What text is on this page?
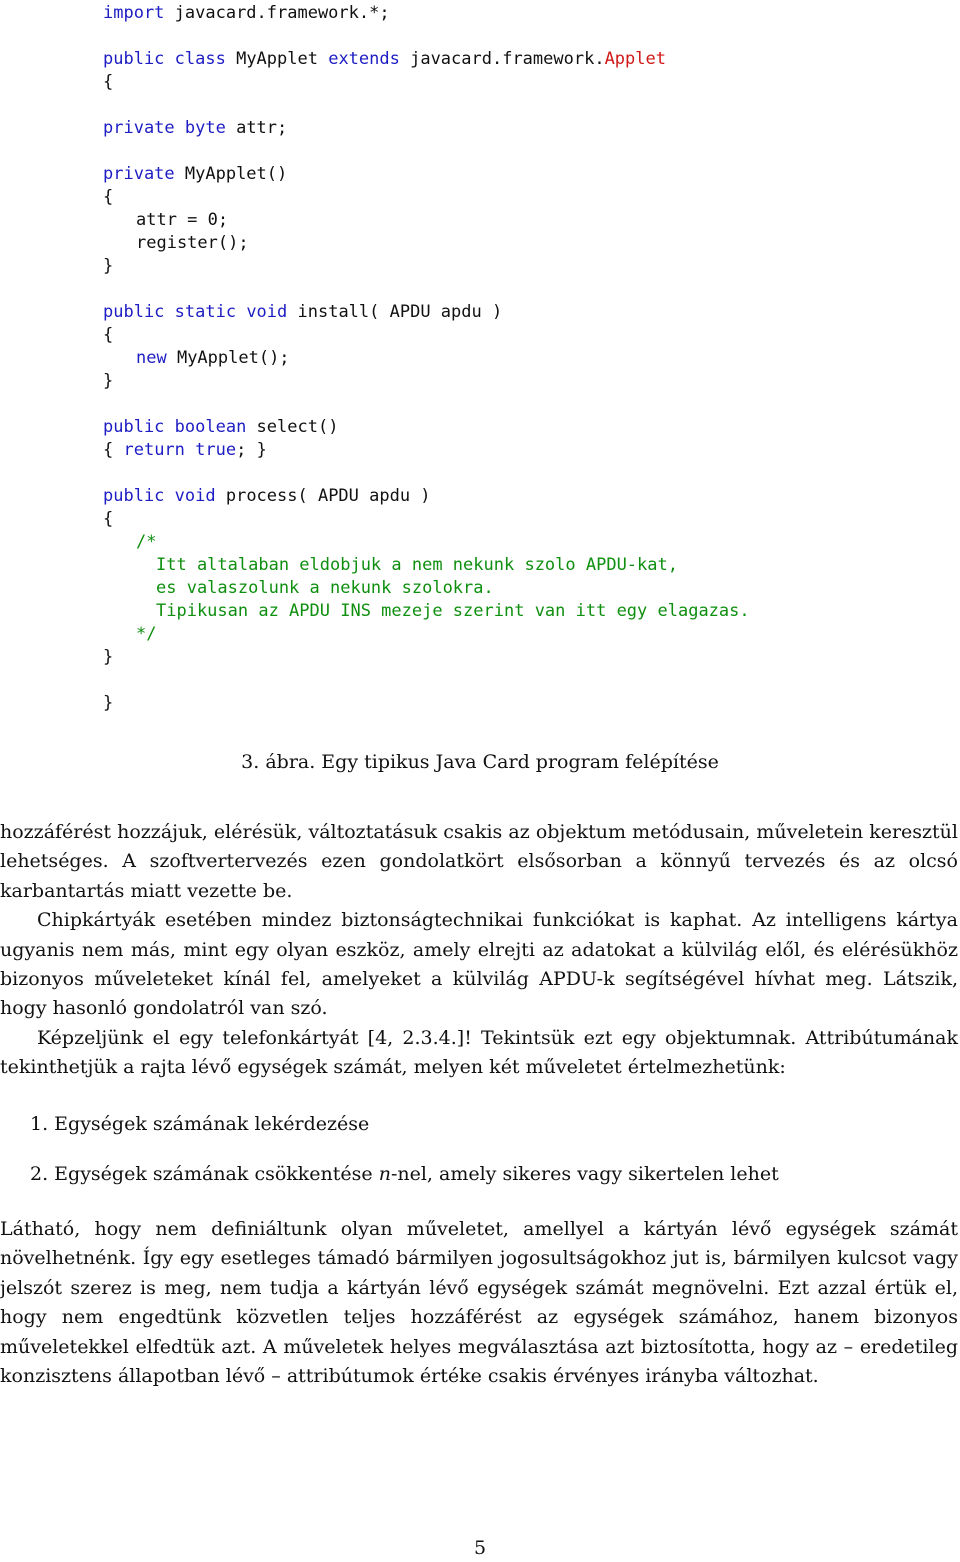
import javacard.framework.*;

public class MyApplet extends javacard.framework.Applet

{

private byte attr;

private MyApplet()

{

attr = 0;

register();

}

public static void install( APDU apdu )

{

new MyApplet();

}

public boolean select()

{ return true; }

public void process( APDU apdu )

{

/*

Itt altalaban eldobjuk a nem nekunk szolo APDU-kat,

es valaszolunk a nekunk szolokra.

Tipikusan az APDU INS mezeje szerint van itt egy elagazas.

*/

}

}

3. ábra. Egy tipikus Java Card program felépítése

hozzáférést hozzájuk, elérésük, változtatásuk csakis az objektum metódusain, műveletein keresztül lehetséges. A szoftvertervezés ezen gondolatkört elsősorban a könnyű tervezés és az olcsó karbantartás miatt vezette be.

Chipkártyák esetében mindez biztonságtechnikai funkciókat is kaphat. Az intelligens kártya ugyanis nem más, mint egy olyan eszköz, amely elrejti az adatokat a külvilág elől, és elérésükhöz bizonyos műveleteket kínál fel, amelyeket a külvilág APDU-k segítségével hívhat meg. Látszik, hogy hasonló gondolatról van szó.

Képzeljünk el egy telefonkártyát [4, 2.3.4.]! Tekintsük ezt egy objektumnak. Attribútumának tekinthetjük a rajta lévő egységek számát, melyen két műveletet értelmezhetünk:

1. Egységek számának lekérdezése
2. Egységek számának csökkentése n-nel, amely sikeres vagy sikertelen lehet

Látható, hogy nem definiáltunk olyan műveletet, amellyel a kártyán lévő egységek számát növelhetnénk. Így egy esetleges támadó bármilyen jogosultságokhoz jut is, bármilyen kulcsot vagy jelszót szerez is meg, nem tudja a kártyán lévő egységek számát megnövelni. Ezt azzal értük el, hogy nem engedtünk közvetlen teljes hozzáférést az egységek számához, hanem bizonyos műveletekkel elfedtük azt. A műveletek helyes megválasztása azt biztosította, hogy az – eredetileg konzisztens állapotban lévő – attribútumok értéke csakis érvényes irányba változhat.

5
